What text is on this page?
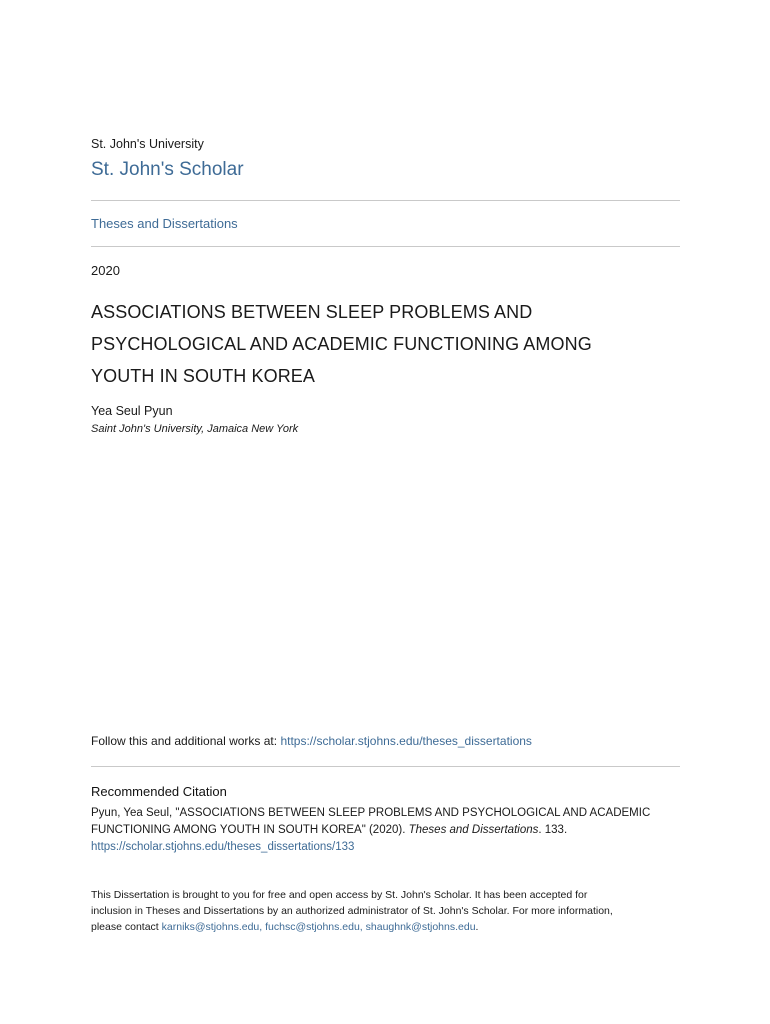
St. John's University
St. John's Scholar
Theses and Dissertations
2020
ASSOCIATIONS BETWEEN SLEEP PROBLEMS AND
PSYCHOLOGICAL AND ACADEMIC FUNCTIONING AMONG
YOUTH IN SOUTH KOREA
Yea Seul Pyun
Saint John's University, Jamaica New York
Follow this and additional works at: https://scholar.stjohns.edu/theses_dissertations
Recommended Citation
Pyun, Yea Seul, "ASSOCIATIONS BETWEEN SLEEP PROBLEMS AND PSYCHOLOGICAL AND ACADEMIC
FUNCTIONING AMONG YOUTH IN SOUTH KOREA" (2020). Theses and Dissertations. 133.
https://scholar.stjohns.edu/theses_dissertations/133
This Dissertation is brought to you for free and open access by St. John's Scholar. It has been accepted for
inclusion in Theses and Dissertations by an authorized administrator of St. John's Scholar. For more information,
please contact karniks@stjohns.edu, fuchsc@stjohns.edu, shaughnk@stjohns.edu.
